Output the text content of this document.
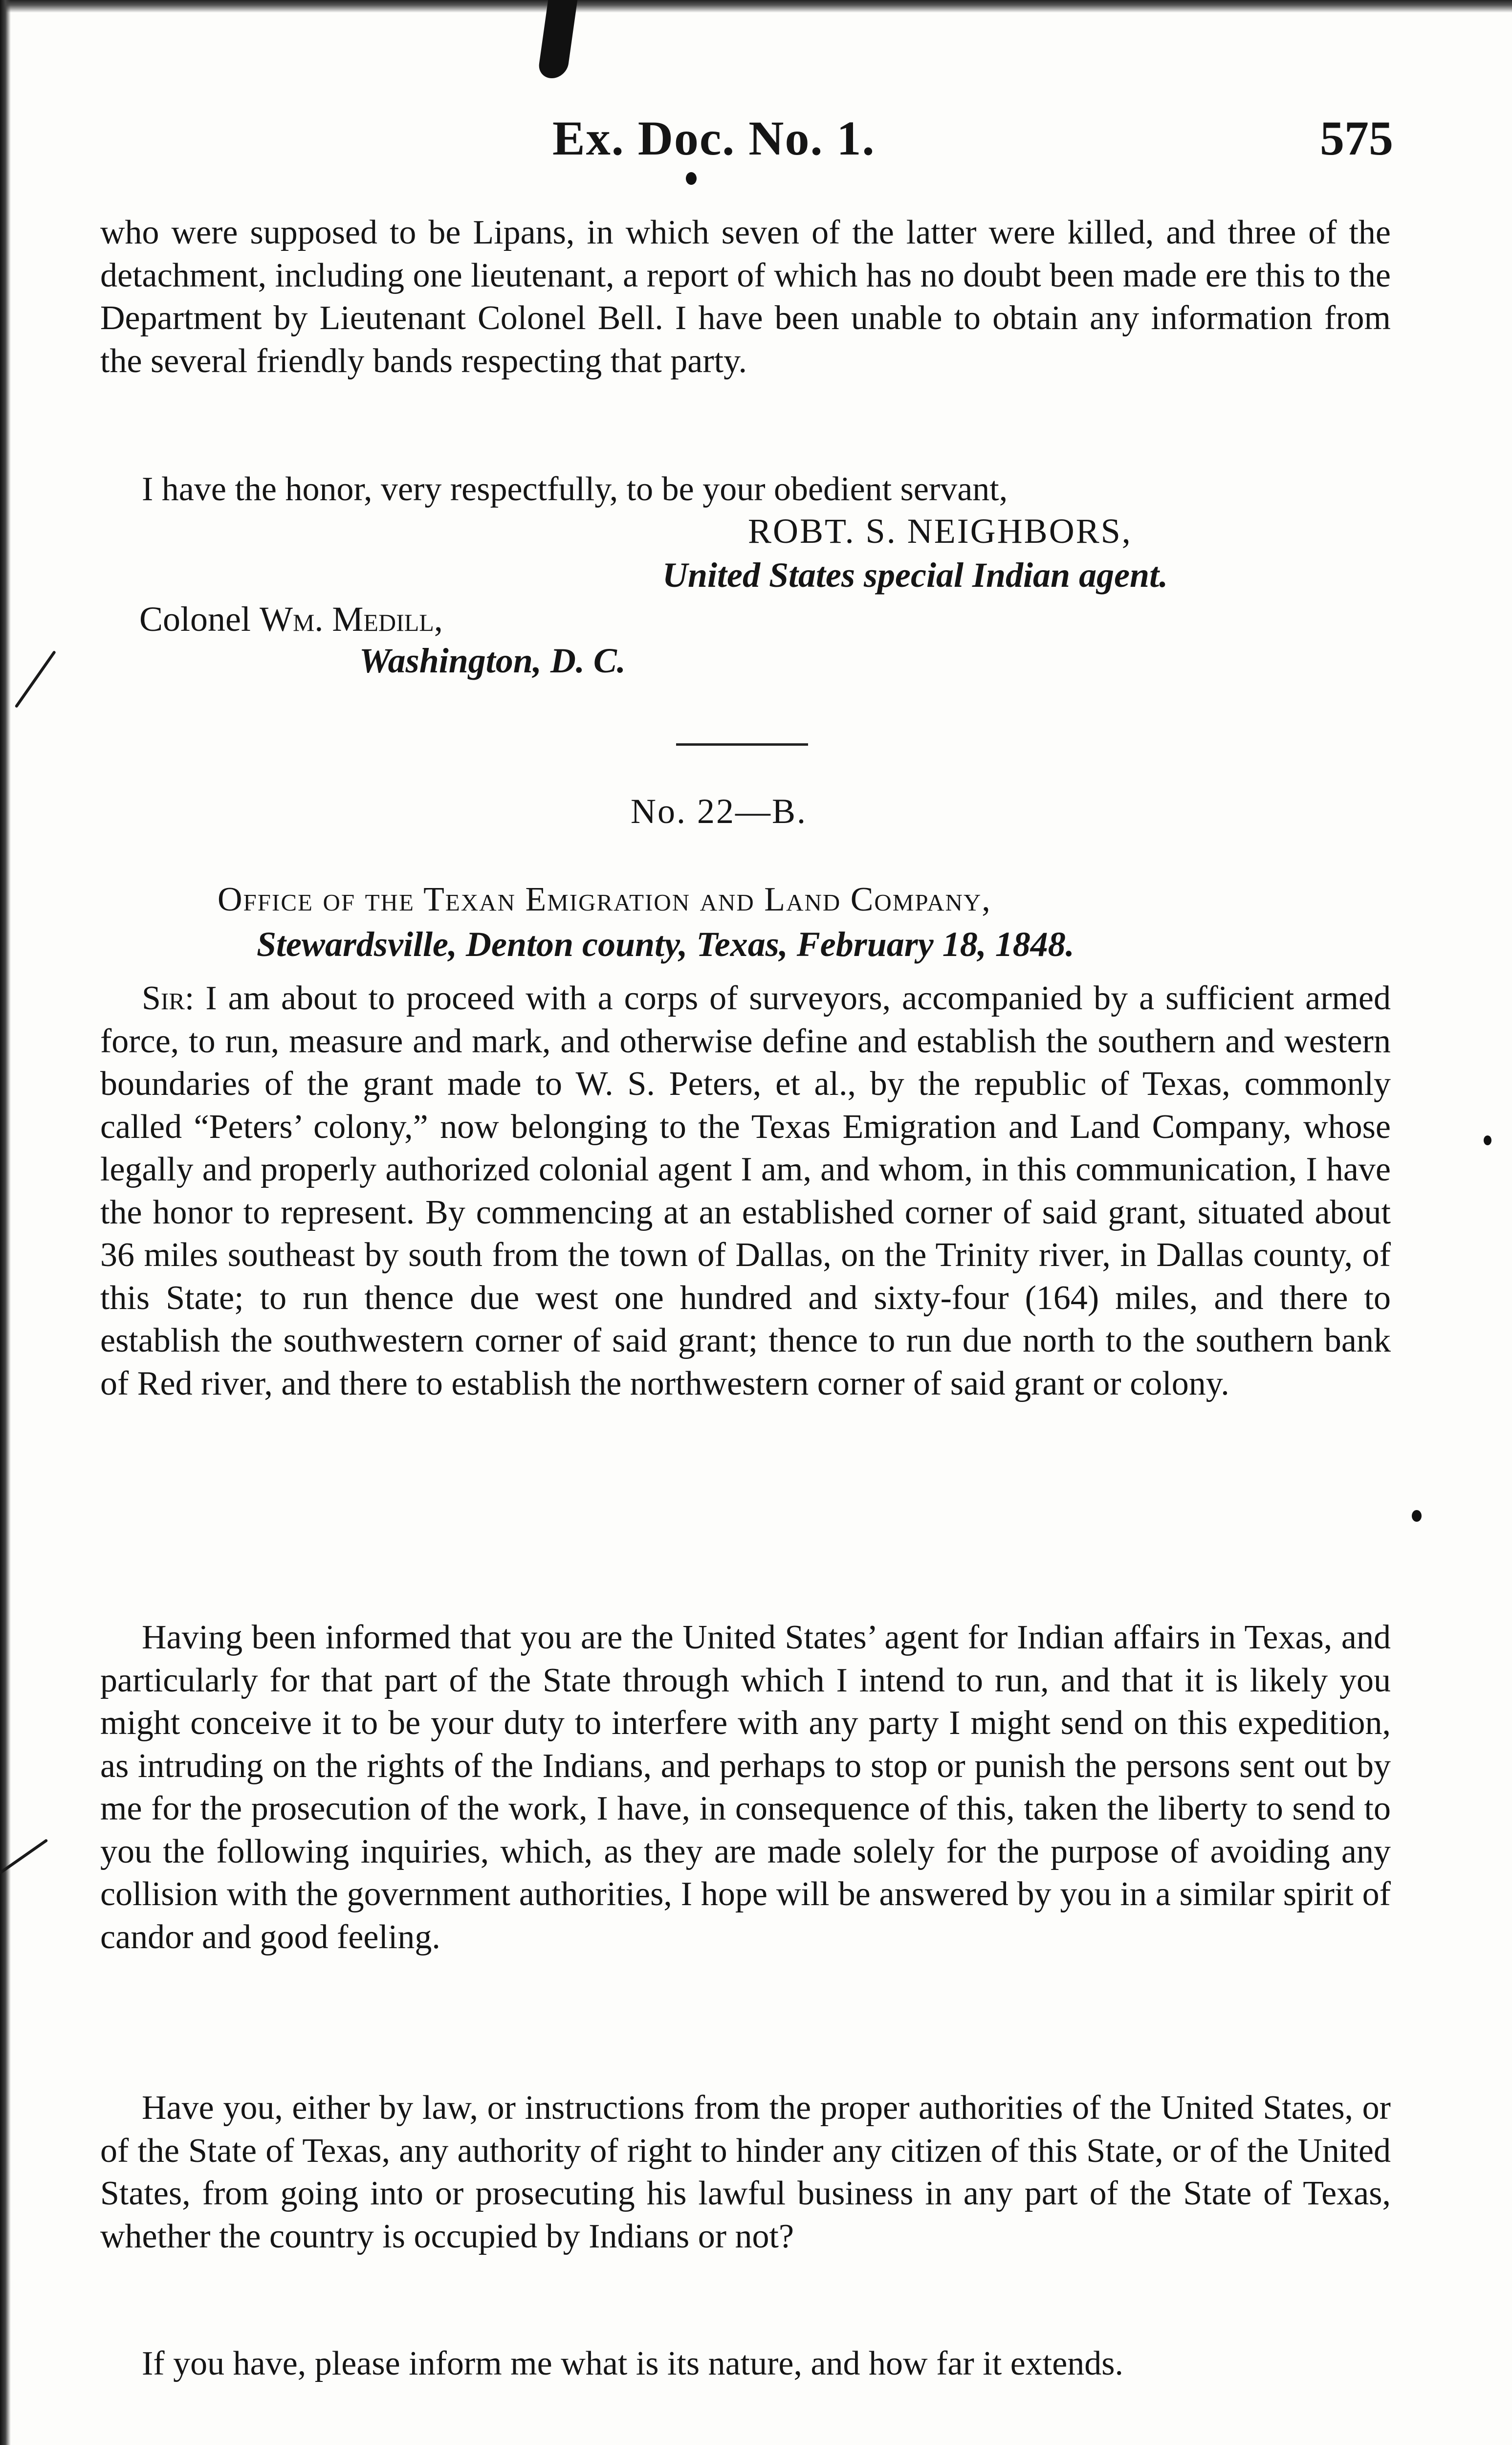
Ex. Doc. No. 1.	575

who were supposed to be Lipans, in which seven of the latter were killed, and three of the detachment, including one lieutenant, a report of which has no doubt been made ere this to the Department by Lieutenant Colonel Bell. I have been unable to obtain any information from the several friendly bands respecting that party.

I have the honor, very respectfully, to be your obedient servant,

ROBT. S. NEIGHBORS,
United States special Indian agent.
Colonel Wm. Medill,
Washington, D. C.
No. 22—B.
Office of the Texan Emigration and Land Company,
Stewardsville, Denton county, Texas, February 18, 1848.

Sir: I am about to proceed with a corps of surveyors, accompanied by a sufficient armed force, to run, measure and mark, and otherwise define and establish the southern and western boundaries of the grant made to W. S. Peters, et al., by the republic of Texas, commonly called “Peters’ colony,” now belonging to the Texas Emigration and Land Company, whose legally and properly authorized colonial agent I am, and whom, in this communication, I have the honor to represent. By commencing at an established corner of said grant, situated about 36 miles southeast by south from the town of Dallas, on the Trinity river, in Dallas county, of this State; to run thence due west one hundred and sixty-four (164) miles, and there to establish the southwestern corner of said grant; thence to run due north to the southern bank of Red river, and there to establish the northwestern corner of said grant or colony.

Having been informed that you are the United States’ agent for Indian affairs in Texas, and particularly for that part of the State through which I intend to run, and that it is likely you might conceive it to be your duty to interfere with any party I might send on this expedition, as intruding on the rights of the Indians, and perhaps to stop or punish the persons sent out by me for the prosecution of the work, I have, in consequence of this, taken the liberty to send to you the following inquiries, which, as they are made solely for the purpose of avoiding any collision with the government authorities, I hope will be answered by you in a similar spirit of candor and good feeling.

Have you, either by law, or instructions from the proper authorities of the United States, or of the State of Texas, any authority of right to hinder any citizen of this State, or of the United States, from going into or prosecuting his lawful business in any part of the State of Texas, whether the country is occupied by Indians or not?

If you have, please inform me what is its nature, and how far it extends.
